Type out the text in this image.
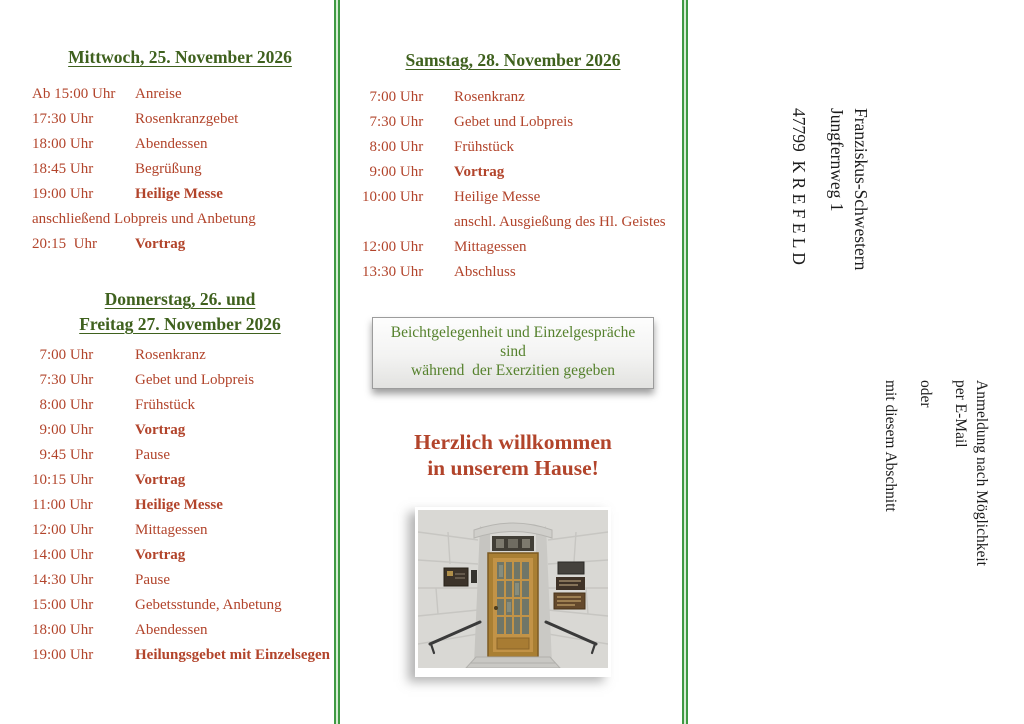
Mittwoch, 25. November 2026
Ab 15:00 Uhr	Anreise
17:30 Uhr	Rosenkranzgebet
18:00 Uhr	Abendessen
18:45 Uhr	Begrüßung
19:00 Uhr	Heilige Messe
anschließend Lobpreis und Anbetung
20:15  Uhr	Vortrag
Donnerstag, 26. und
Freitag 27. November 2026
 7:00 Uhr	Rosenkranz
 7:30 Uhr	Gebet und Lobpreis
 8:00 Uhr	Frühstück
 9:00 Uhr	Vortrag
 9:45 Uhr	Pause
10:15 Uhr	Vortrag
11:00 Uhr	Heilige Messe
12:00 Uhr	Mittagessen
14:00 Uhr	Vortrag
14:30 Uhr	Pause
15:00 Uhr	Gebetsstunde, Anbetung
18:00 Uhr	Abendessen
19:00 Uhr	Heilungsgebet mit Einzelsegen
Samstag, 28. November 2026
 7:00 Uhr	Rosenkranz
 7:30 Uhr	Gebet und Lobpreis
 8:00 Uhr	Frühstück
 9:00 Uhr	Vortrag
10:00 Uhr	Heilige Messe
anschl. Ausgießung des Hl. Geistes
12:00 Uhr	Mittagessen
13:30 Uhr	Abschluss
Beichtgelegenheit und Einzelgespräche
sind
während  der Exerzitien gegeben
Herzlich willkommen
in unserem Hause!
Franziskus-Schwestern
Jungfernweg 1
47799  K R E F E L D
Anmeldung nach Möglichkeit
per E-Mail
oder
mit diesem Abschnitt
